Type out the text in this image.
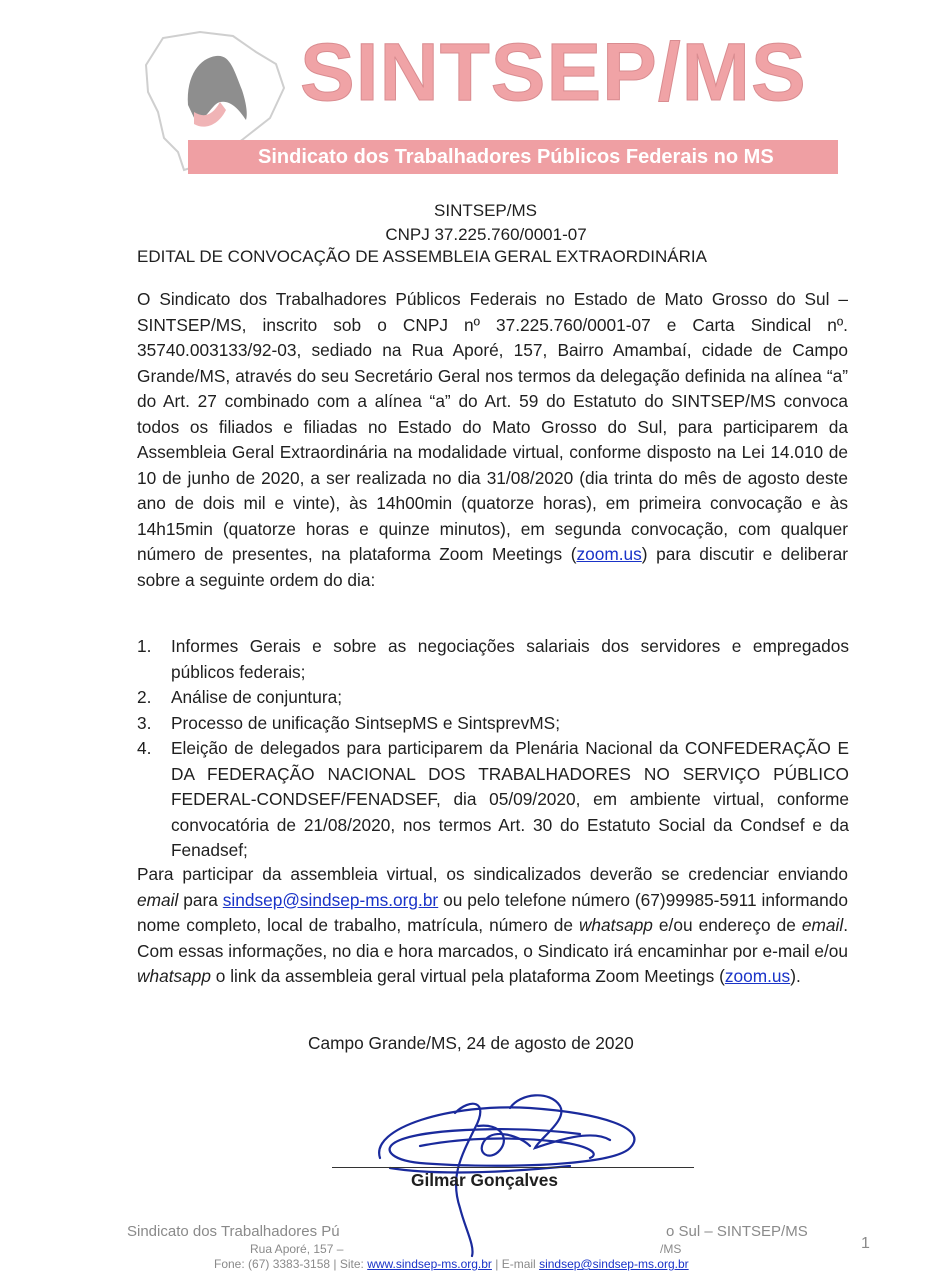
SINTSEP/MS
Sindicato dos Trabalhadores Públicos Federais no MS
SINTSEP/MS
CNPJ 37.225.760/0001-07
EDITAL DE CONVOCAÇÃO DE ASSEMBLEIA GERAL EXTRAORDINÁRIA
O Sindicato dos Trabalhadores Públicos Federais no Estado de Mato Grosso do Sul – SINTSEP/MS, inscrito sob o CNPJ nº 37.225.760/0001-07 e Carta Sindical nº. 35740.003133/92-03, sediado na Rua Aporé, 157, Bairro Amambaí, cidade de Campo Grande/MS, através do seu Secretário Geral nos termos da delegação definida na alínea “a” do Art. 27 combinado com a alínea “a” do Art. 59 do Estatuto do SINTSEP/MS convoca todos os filiados e filiadas no Estado do Mato Grosso do Sul, para participarem da Assembleia Geral Extraordinária na modalidade virtual, conforme disposto na Lei 14.010 de 10 de junho de 2020, a ser realizada no dia 31/08/2020 (dia trinta do mês de agosto deste ano de dois mil e vinte), às 14h00min (quatorze horas), em primeira convocação e às 14h15min (quatorze horas e quinze minutos), em segunda convocação, com qualquer número de presentes, na plataforma Zoom Meetings (zoom.us) para discutir e deliberar sobre a seguinte ordem do dia:
1. Informes Gerais e sobre as negociações salariais dos servidores e empregados públicos federais;
2. Análise de conjuntura;
3. Processo de unificação SintsepMS e SintsprevMS;
4. Eleição de delegados para participarem da Plenária Nacional da CONFEDERAÇÃO E DA FEDERAÇÃO NACIONAL DOS TRABALHADORES NO SERVIÇO PÚBLICO FEDERAL-CONDSEF/FENADSEF, dia 05/09/2020, em ambiente virtual, conforme convocatória de 21/08/2020, nos termos Art. 30 do Estatuto Social da Condsef e da Fenadsef;
Para participar da assembleia virtual, os sindicalizados deverão se credenciar enviando email para sindsep@sindsep-ms.org.br ou pelo telefone número (67)99985-5911 informando nome completo, local de trabalho, matrícula, número de whatsapp e/ou endereço de email. Com essas informações, no dia e hora marcados, o Sindicato irá encaminhar por e-mail e/ou whatsapp o link da assembleia geral virtual pela plataforma Zoom Meetings (zoom.us).
Campo Grande/MS, 24 de agosto de 2020
Gilmar Gonçalves
Sindicato dos Trabalhadores Pú	o Sul – SINTSEP/MS
Rua Aporé, 157 –	/MS
Fone: (67) 3383-3158 | Site: www.sindsep-ms.org.br | E-mail sindsep@sindsep-ms.org.br
1
